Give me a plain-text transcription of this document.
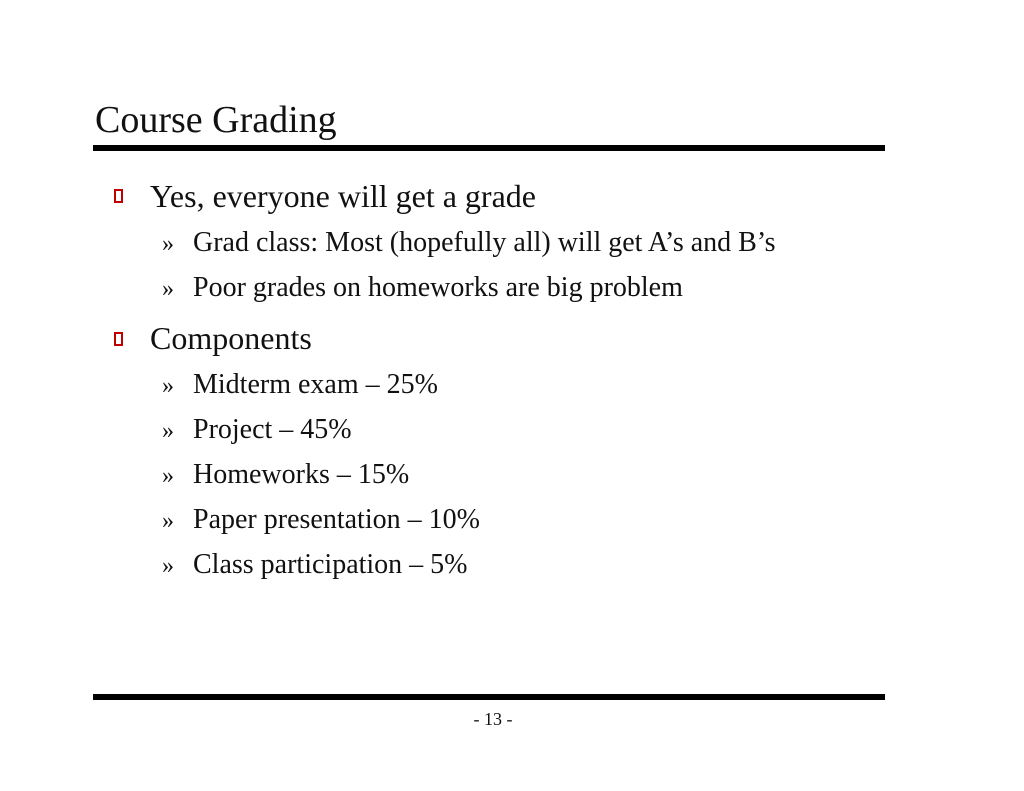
Course Grading
Yes, everyone will get a grade
» Grad class: Most (hopefully all) will get A’s and B’s
» Poor grades on homeworks are big problem
Components
» Midterm exam – 25%
» Project – 45%
» Homeworks – 15%
» Paper presentation – 10%
» Class participation – 5%
- 13 -
